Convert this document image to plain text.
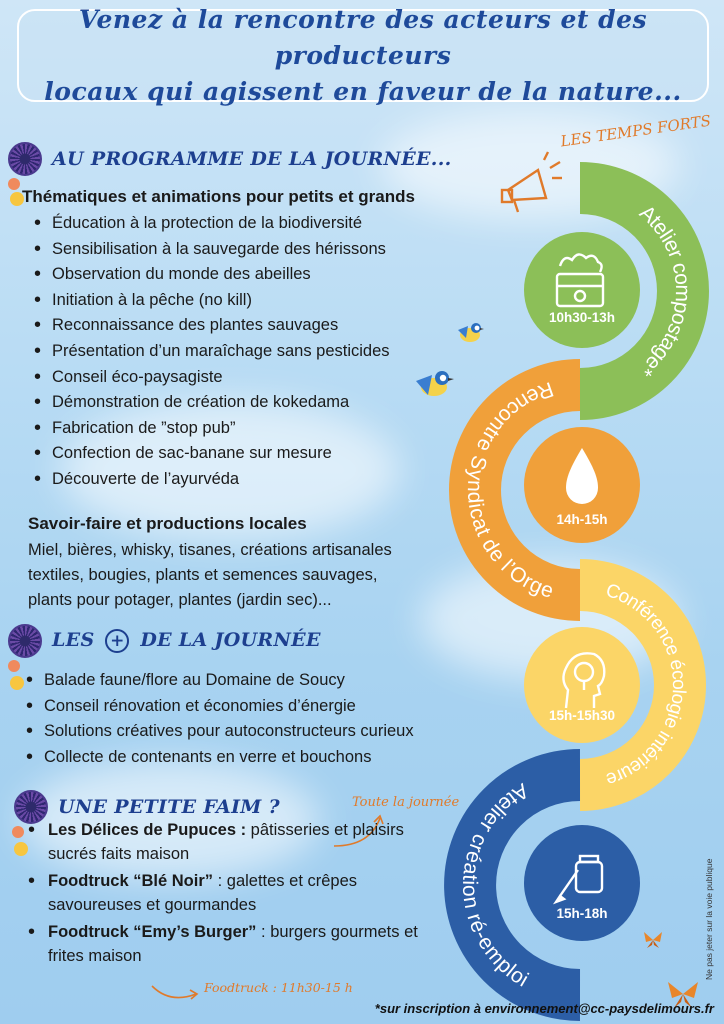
Venez à la rencontre des acteurs et des producteurs
locaux qui agissent en faveur de la nature...
AU PROGRAMME DE LA JOURNÉE...
Thématiques et animations pour petits et grands
• Éducation à la protection de la biodiversité
• Sensibilisation à la sauvegarde des hérissons
• Observation du monde des abeilles
• Initiation à la pêche (no kill)
• Reconnaissance des plantes sauvages
• Présentation d’un maraîchage sans pesticides
• Conseil éco-paysagiste
• Démonstration de création de kokedama
• Fabrication de ”stop pub”
• Confection de sac-banane sur mesure
• Découverte de l’ayurvéda
Savoir-faire et productions locales
Miel, bières, whisky, tisanes, créations artisanales
textiles, bougies, plants et semences sauvages,
plants pour potager, plantes (jardin sec)...
LES + DE LA JOURNÉE
• Balade faune/flore au Domaine de Soucy
• Conseil rénovation et économies d’énergie
• Solutions créatives pour autoconstructeurs curieux
• Collecte de contenants en verre et bouchons
UNE PETITE FAIM ?	Toute la journée
• Les Délices de Pupuces : pâtisseries et plaisirs sucrés faits maison
• Foodtruck “Blé Noir” : galettes et crêpes savoureuses et gourmandes
• Foodtruck “Emy’s Burger” : burgers gourmets et frites maison
Foodtruck : 11h30-15 h
Atelier compostage*
Rencontre Syndicat de l’Orge Conférence écologie intérieure
Atelier création ré-emploi
10h30-13h
14h-15h
15h-15h30
15h-18h
LES TEMPS FORTS
Ne pas jeter sur la voie publique
*sur inscription à environnement@cc-paysdelimours.fr
